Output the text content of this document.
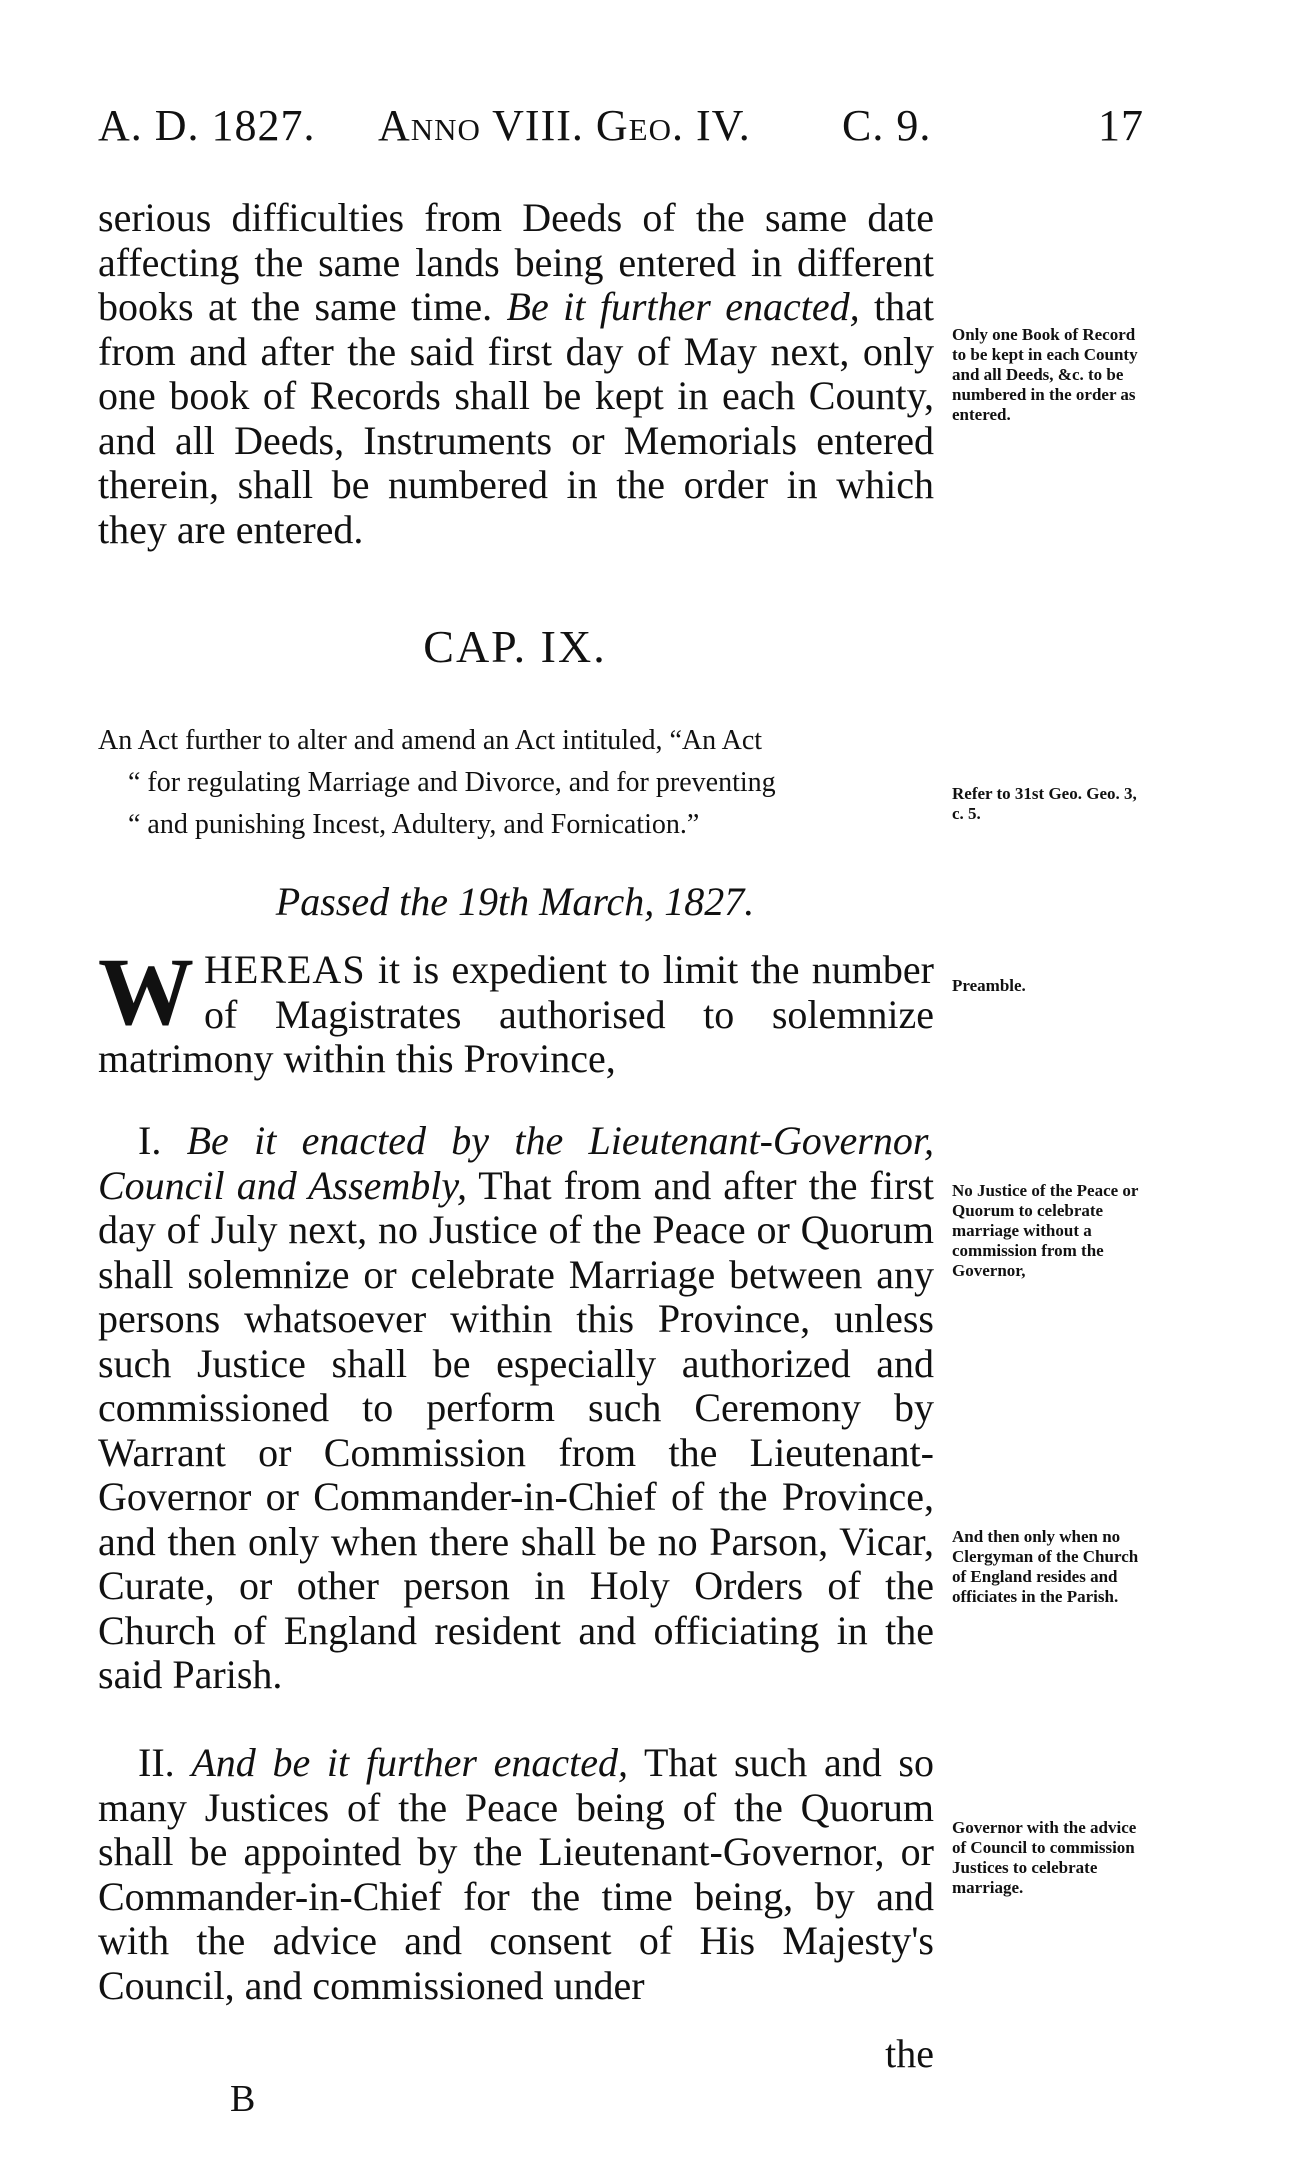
A. D. 1827. Anno VIII. Geo. IV. C. 9.	17

serious difficulties from Deeds of the same date affecting the same lands being entered in different books at the same time. Be it further enacted, that from and after the said first day of May next, only one book of Records shall be kept in each County, and all Deeds, Instruments or Memorials entered therein, shall be numbered in the order in which they are entered.

Only one Book of Record to be kept in each County and all Deeds, &c. to be numbered in the order as entered.
CAP. IX.

An Act further to alter and amend an Act intituled, “An Act

“ for regulating Marriage and Divorce, and for preventing

“ and punishing Incest, Adultery, and Fornication.”

Refer to 31st Geo. Geo. 3, c. 5.
Passed the 19th March, 1827.

W HEREAS it is expedient to limit the number of Magistrates authorised to solemnize matrimony within this Province,

Preamble.

I. Be it enacted by the Lieutenant-Governor, Council and Assembly, That from and after the first day of July next, no Justice of the Peace or Quorum shall solemnize or celebrate Marriage between any persons whatsoever within this Province, unless such Justice shall be especially authorized and commissioned to perform such Ceremony by Warrant or Commission from the Lieutenant-Governor or Commander-in-Chief of the Province, and then only when there shall be no Parson, Vicar, Curate, or other person in Holy Orders of the Church of England resident and officiating in the said Parish.

No Justice of the Peace or Quorum to celebrate marriage without a commission from the Governor,
And then only when no Clergyman of the Church of England resides and officiates in the Parish.

II. And be it further enacted, That such and so many Justices of the Peace being of the Quorum shall be appointed by the Lieutenant-Governor, or Commander-in-Chief for the time being, by and with the advice and consent of His Majesty's Council, and commissioned under

Governor with the advice of Council to commission Justices to celebrate marriage.
the
B
